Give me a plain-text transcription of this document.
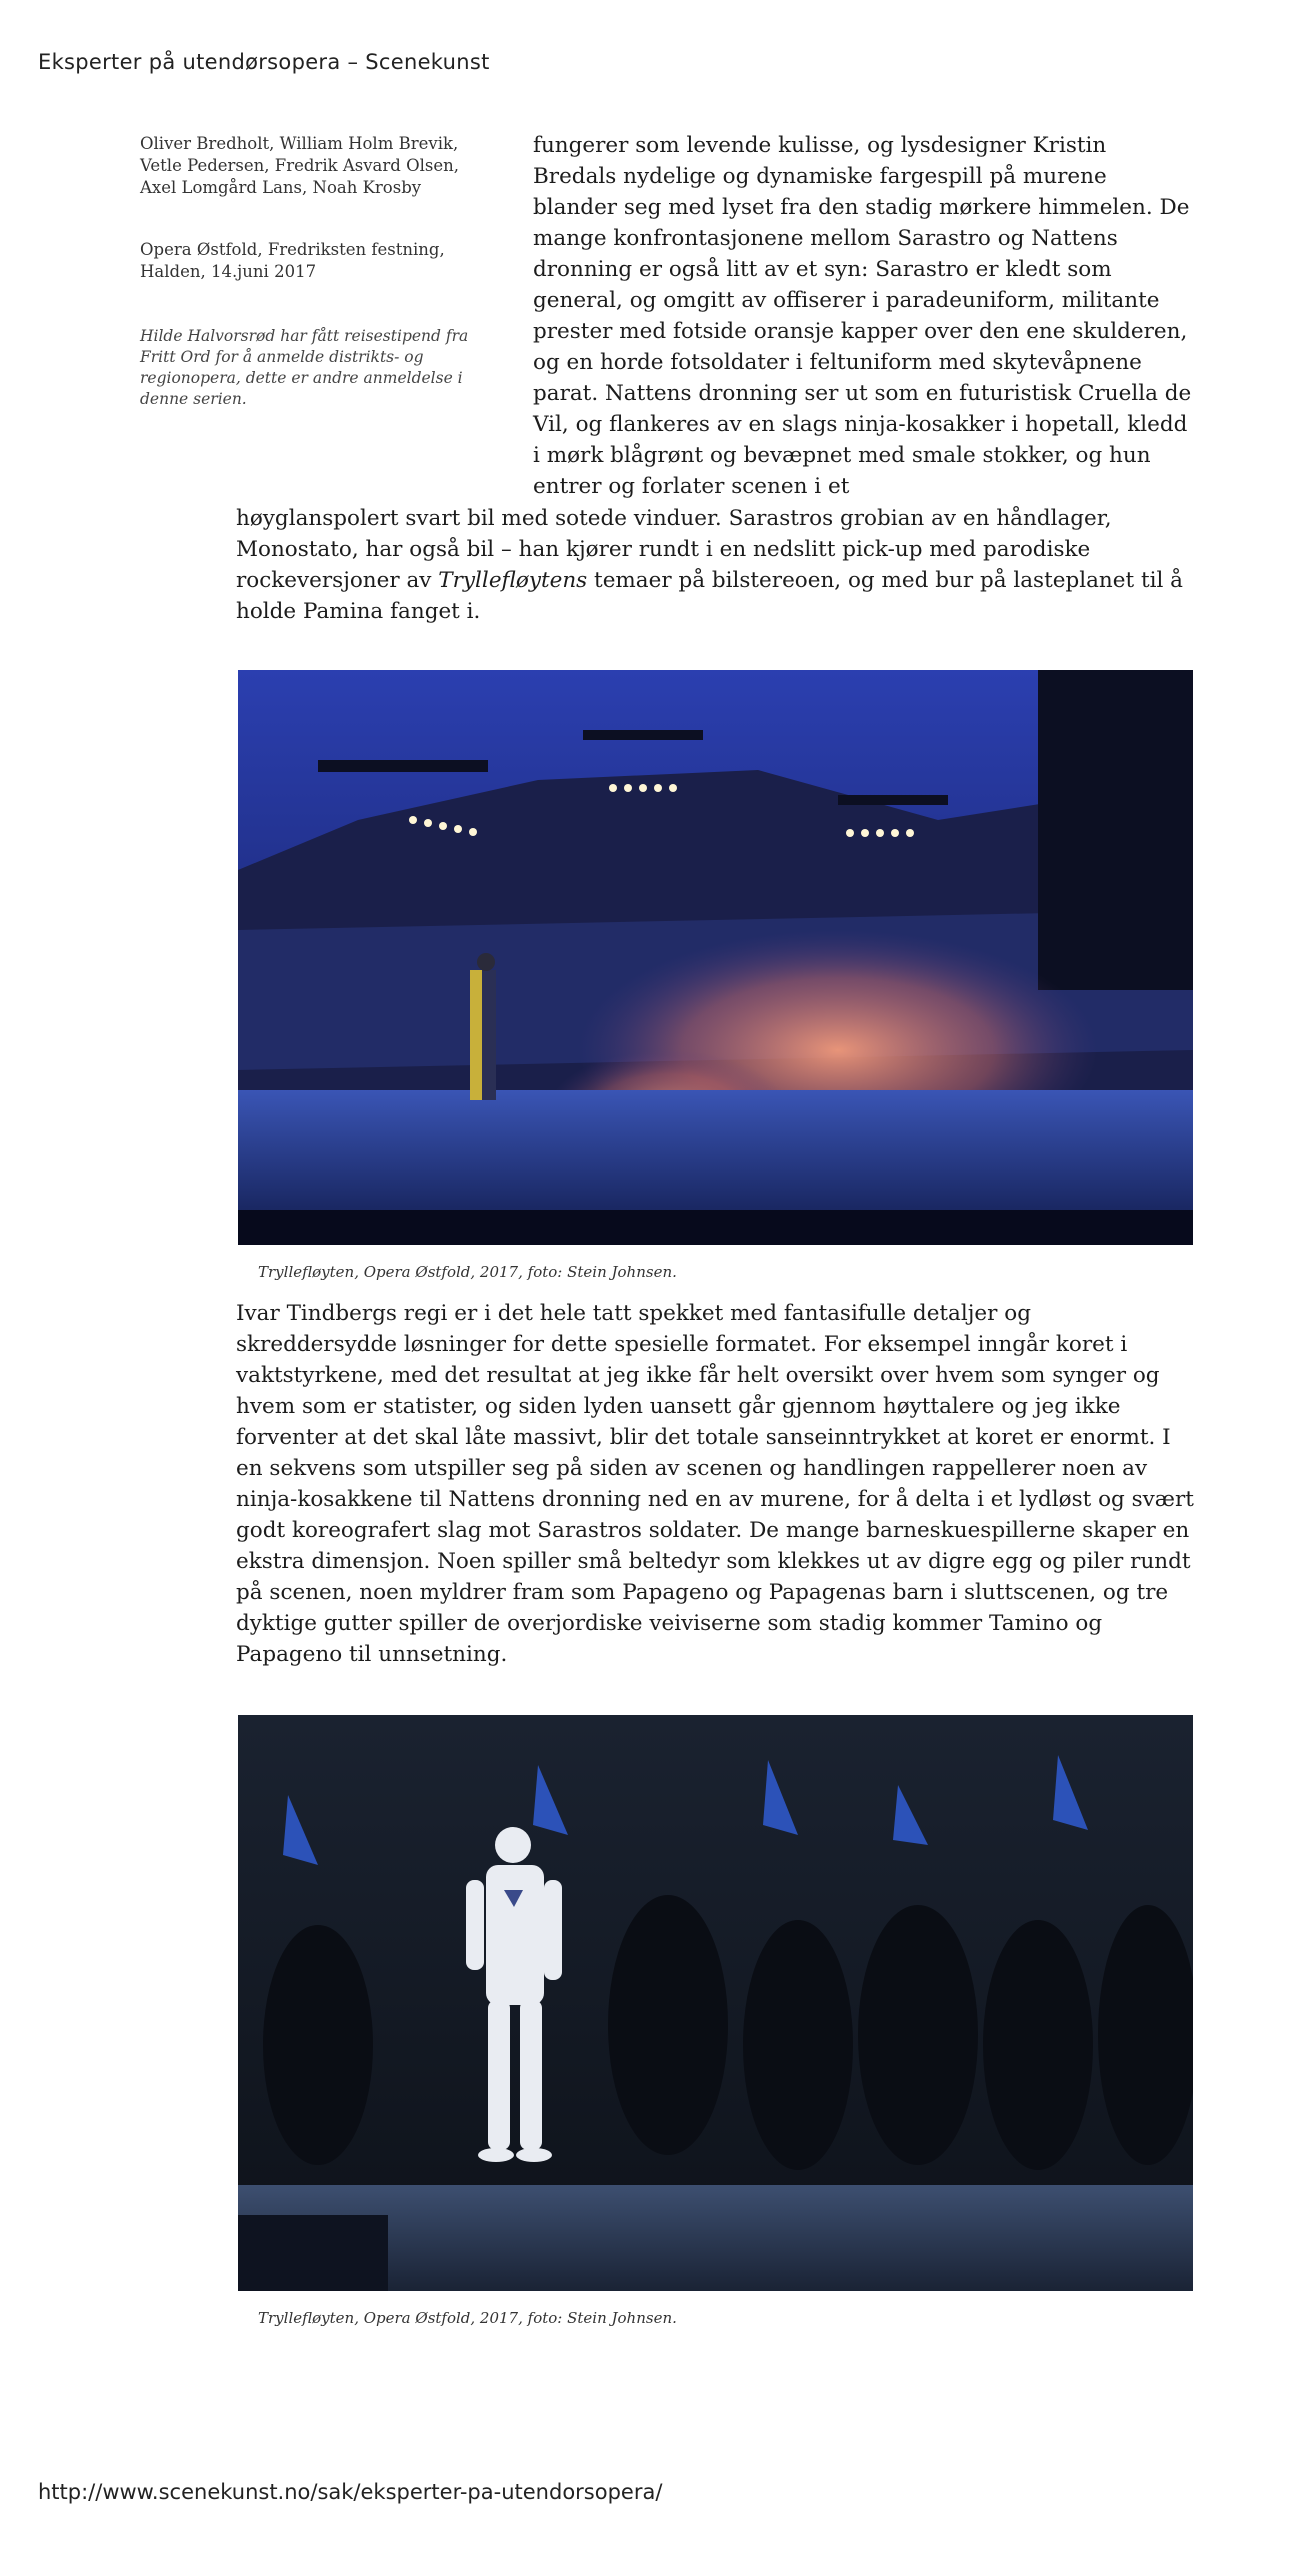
Eksperter på utendørsopera – Scenekunst
Oliver Bredholt, William Holm Brevik, Vetle Pedersen, Fredrik Asvard Olsen, Axel Lomgård Lans, Noah Krosby
Opera Østfold, Fredriksten festning, Halden, 14.juni 2017
Hilde Halvorsrød har fått reisestipend fra Fritt Ord for å anmelde distrikts- og regionopera, dette er andre anmeldelse i denne serien.
fungerer som levende kulisse, og lysdesigner Kristin Bredals nydelige og dynamiske fargespill på murene blander seg med lyset fra den stadig mørkere himmelen. De mange konfrontasjonene mellom Sarastro og Nattens dronning er også litt av et syn: Sarastro er kledt som general, og omgitt av offiserer i paradeuniform, militante prester med fotside oransje kapper over den ene skulderen, og en horde fotsoldater i feltuniform med skytevåpnene parat. Nattens dronning ser ut som en futuristisk Cruella de Vil, og flankeres av en slags ninja-kosakker i hopetall, kledd i mørk blågrønt og bevæpnet med smale stokker, og hun entrer og forlater scenen i et
høyglanspolert svart bil med sotede vinduer. Sarastros grobian av en håndlager, Monostato, har også bil – han kjører rundt i en nedslitt pick-up med parodiske rockeversjoner av Tryllefløytens temaer på bilstereoen, og med bur på lasteplanet til å holde Pamina fanget i.
Tryllefløyten, Opera Østfold, 2017, foto: Stein Johnsen.
Ivar Tindbergs regi er i det hele tatt spekket med fantasifulle detaljer og skreddersydde løsninger for dette spesielle formatet. For eksempel inngår koret i vaktstyrkene, med det resultat at jeg ikke får helt oversikt over hvem som synger og hvem som er statister, og siden lyden uansett går gjennom høyttalere og jeg ikke forventer at det skal låte massivt, blir det totale sanseinntrykket at koret er enormt. I en sekvens som utspiller seg på siden av scenen og handlingen rappellerer noen av ninja-kosakkene til Nattens dronning ned en av murene, for å delta i et lydløst og svært godt koreografert slag mot Sarastros soldater. De mange barneskuespillerne skaper en ekstra dimensjon. Noen spiller små beltedyr som klekkes ut av digre egg og piler rundt på scenen, noen myldrer fram som Papageno og Papagenas barn i sluttscenen, og tre dyktige gutter spiller de overjordiske veiviserne som stadig kommer Tamino og Papageno til unnsetning.
Tryllefløyten, Opera Østfold, 2017, foto: Stein Johnsen.
http://www.scenekunst.no/sak/eksperter-pa-utendorsopera/
